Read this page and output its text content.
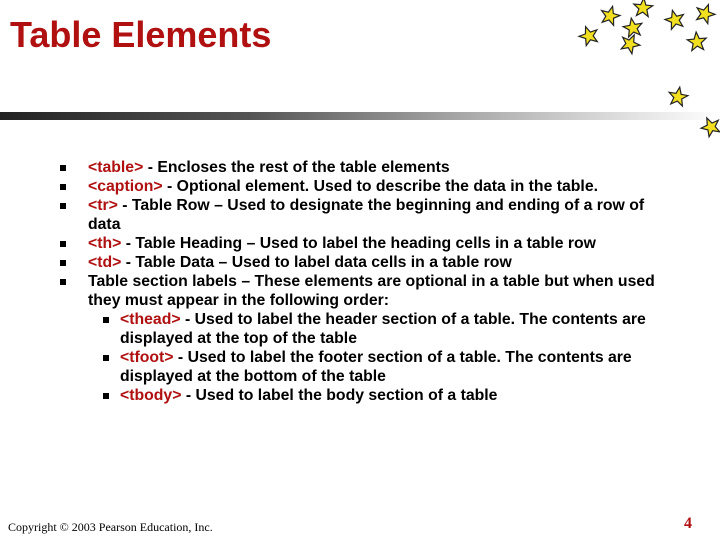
Table Elements
<table> - Encloses the rest of the table elements
<caption> - Optional element. Used to describe the data in the table.
<tr> - Table Row – Used to designate the beginning and ending of a row of data
<th> - Table Heading – Used to label the heading cells in a table row
<td> - Table Data – Used to label data cells in a table row
Table section labels – These elements are optional in a table but when used they must appear in the following order:
<thead> - Used to label the header section of a table. The contents are displayed at the top of the table
<tfoot> - Used to label the footer section of a table. The contents are displayed at the bottom of the table
<tbody> - Used to label the body section of a table
Copyright © 2003 Pearson Education, Inc.	4
